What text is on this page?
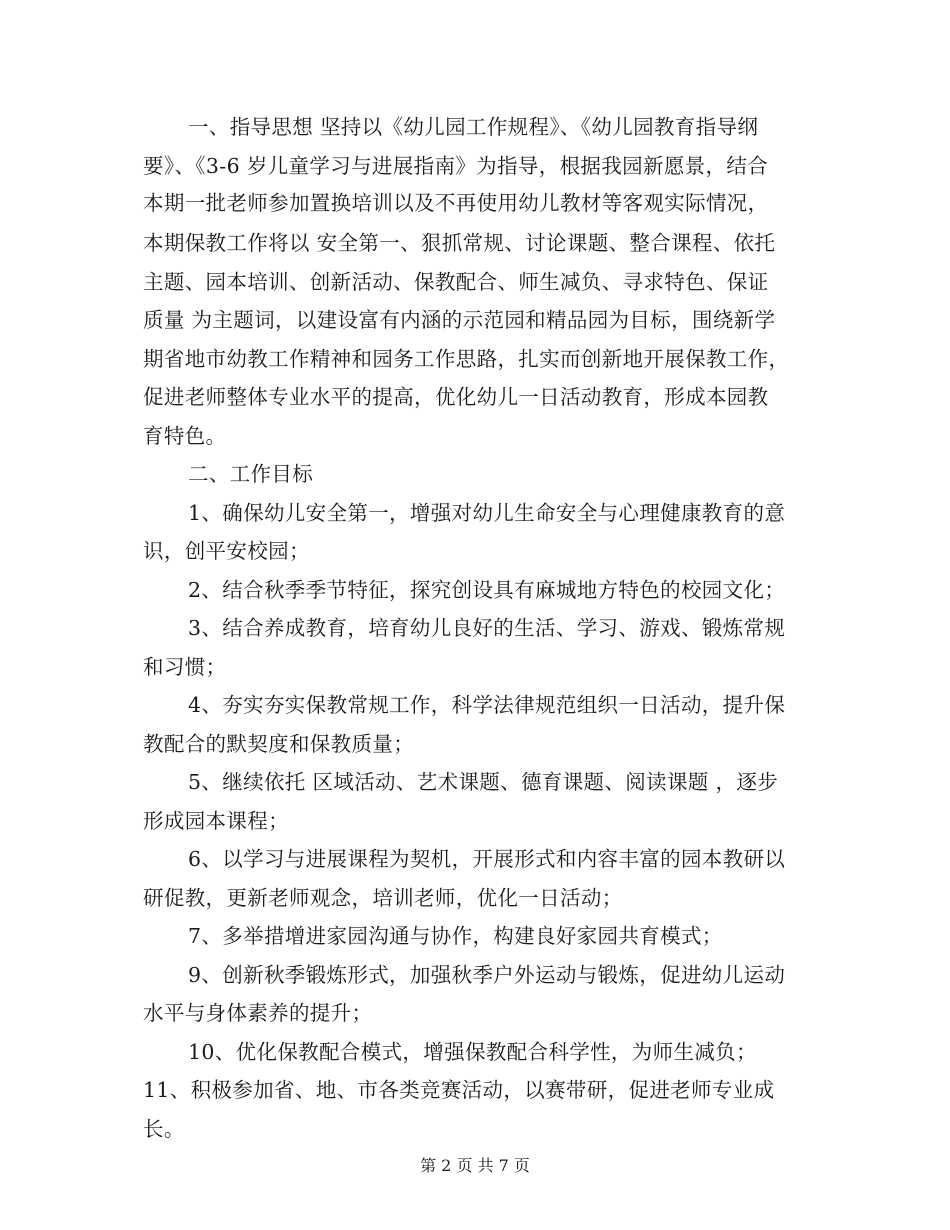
一、指导思想 坚持以《幼儿园工作规程》、《幼儿园教育指导纲
要》、《3-6 岁儿童学习与进展指南》为指导，根据我园新愿景，结合
本期一批老师参加置换培训以及不再使用幼儿教材等客观实际情况，
本期保教工作将以 安全第一、狠抓常规、讨论课题、整合课程、依托
主题、园本培训、创新活动、保教配合、师生减负、寻求特色、保证
质量 为主题词，以建设富有内涵的示范园和精品园为目标，围绕新学
期省地市幼教工作精神和园务工作思路，扎实而创新地开展保教工作，
促进老师整体专业水平的提高，优化幼儿一日活动教育，形成本园教
育特色。
二、工作目标
1、确保幼儿安全第一，增强对幼儿生命安全与心理健康教育的意
识，创平安校园；
2、结合秋季季节特征，探究创设具有麻城地方特色的校园文化；
3、结合养成教育，培育幼儿良好的生活、学习、游戏、锻炼常规
和习惯；
4、夯实夯实保教常规工作，科学法律规范组织一日活动，提升保
教配合的默契度和保教质量；
5、继续依托 区域活动、艺术课题、德育课题、阅读课题 ，逐步
形成园本课程；
6、以学习与进展课程为契机，开展形式和内容丰富的园本教研以
研促教，更新老师观念，培训老师，优化一日活动；
7、多举措增进家园沟通与协作，构建良好家园共育模式；
9、创新秋季锻炼形式，加强秋季户外运动与锻炼，促进幼儿运动
水平与身体素养的提升；
10、优化保教配合模式，增强保教配合科学性，为师生减负；
11、积极参加省、地、市各类竞赛活动，以赛带研，促进老师专业成
长。
第 2 页 共 7 页
